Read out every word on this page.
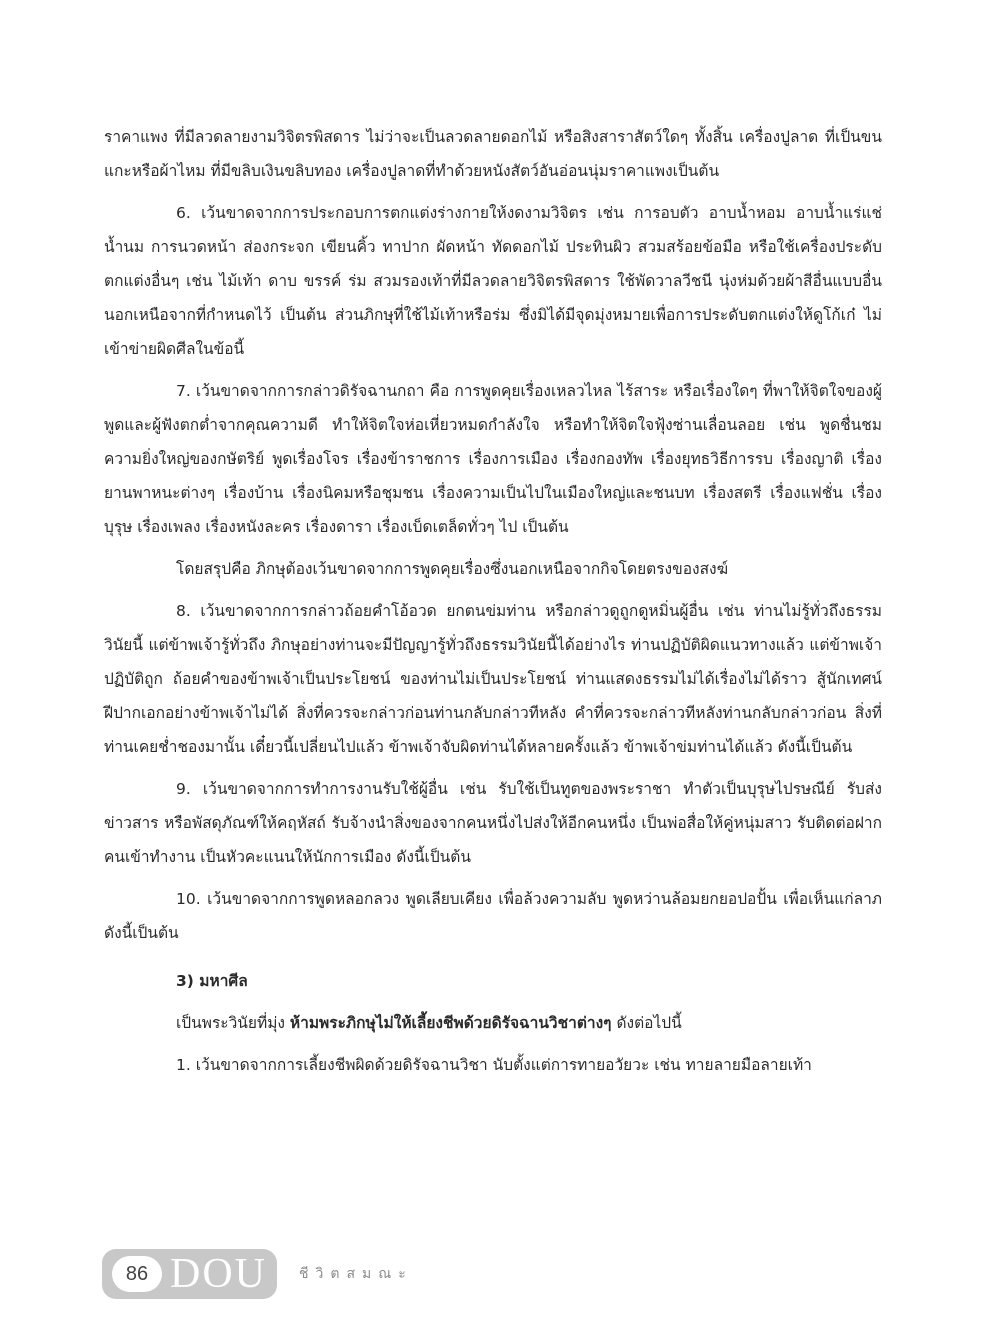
ราคาแพง ที่มีลวดลายงามวิจิตรพิสดาร ไม่ว่าจะเป็นลวดลายดอกไม้ หรือสิงสาราสัตว์ใดๆ ทั้งสิ้น เครื่องปูลาด ที่เป็นขนแกะหรือผ้าไหม ที่มีขลิบเงินขลิบทอง เครื่องปูลาดที่ทำด้วยหนังสัตว์อันอ่อนนุ่มราคาแพงเป็นต้น

6. เว้นขาดจากการประกอบการตกแต่งร่างกายให้งดงามวิจิตร เช่น การอบตัว อาบน้ำหอม อาบน้ำแร่แช่น้ำนม การนวดหน้า ส่องกระจก เขียนคิ้ว ทาปาก ผัดหน้า ทัดดอกไม้ ประทินผิว สวมสร้อยข้อมือ หรือใช้เครื่องประดับตกแต่งอื่นๆ เช่น ไม้เท้า ดาบ ขรรค์ ร่ม สวมรองเท้าที่มีลวดลายวิจิตรพิสดาร ใช้พัดวาลวีชนี นุ่งห่มด้วยผ้าสีอื่นแบบอื่นนอกเหนือจากที่กำหนดไว้ เป็นต้น ส่วนภิกษุที่ใช้ไม้เท้าหรือร่ม ซึ่งมิได้มีจุดมุ่งหมายเพื่อการประดับตกแต่งให้ดูโก้เก๋ ไม่เข้าข่ายผิดศีลในข้อนี้

7. เว้นขาดจากการกล่าวดิรัจฉานกถา คือ การพูดคุยเรื่องเหลวไหล ไร้สาระ หรือเรื่องใดๆ ที่พาให้จิตใจของผู้พูดและผู้ฟังตกต่ำจากคุณความดี ทำให้จิตใจห่อเหี่ยวหมดกำลังใจ หรือทำให้จิตใจฟุ้งซ่านเลื่อนลอย เช่น พูดชื่นชมความยิ่งใหญ่ของกษัตริย์ พูดเรื่องโจร เรื่องข้าราชการ เรื่องการเมือง เรื่องกองทัพ เรื่องยุทธวิธีการรบ เรื่องญาติ เรื่องยานพาหนะต่างๆ เรื่องบ้าน เรื่องนิคมหรือชุมชน เรื่องความเป็นไปในเมืองใหญ่และชนบท เรื่องสตรี เรื่องแฟชั่น เรื่องบุรุษ เรื่องเพลง เรื่องหนังละคร เรื่องดารา เรื่องเบ็ดเตล็ดทั่วๆ ไป เป็นต้น

โดยสรุปคือ ภิกษุต้องเว้นขาดจากการพูดคุยเรื่องซึ่งนอกเหนือจากกิจโดยตรงของสงฆ์

8. เว้นขาดจากการกล่าวถ้อยคำโอ้อวด ยกตนข่มท่าน หรือกล่าวดูถูกดูหมิ่นผู้อื่น เช่น ท่านไม่รู้ทั่วถึงธรรมวินัยนี้ แต่ข้าพเจ้ารู้ทั่วถึง ภิกษุอย่างท่านจะมีปัญญารู้ทั่วถึงธรรมวินัยนี้ได้อย่างไร ท่านปฏิบัติผิดแนวทางแล้ว แต่ข้าพเจ้าปฏิบัติถูก ถ้อยคำของข้าพเจ้าเป็นประโยชน์ ของท่านไม่เป็นประโยชน์ ท่านแสดงธรรมไม่ได้เรื่องไม่ได้ราว สู้นักเทศน์ฝีปากเอกอย่างข้าพเจ้าไม่ได้ สิ่งที่ควรจะกล่าวก่อนท่านกลับกล่าวทีหลัง คำที่ควรจะกล่าวทีหลังท่านกลับกล่าวก่อน สิ่งที่ท่านเคยช่ำชองมานั้น เดี๋ยวนี้เปลี่ยนไปแล้ว ข้าพเจ้าจับผิดท่านได้หลายครั้งแล้ว ข้าพเจ้าข่มท่านได้แล้ว ดังนี้เป็นต้น

9. เว้นขาดจากการทำการงานรับใช้ผู้อื่น เช่น รับใช้เป็นทูตของพระราชา ทำตัวเป็นบุรุษไปรษณีย์ รับส่งข่าวสาร หรือพัสดุภัณฑ์ให้คฤหัสถ์ รับจ้างนำสิ่งของจากคนหนึ่งไปส่งให้อีกคนหนึ่ง เป็นพ่อสื่อให้คู่หนุ่มสาว รับติดต่อฝากคนเข้าทำงาน เป็นหัวคะแนนให้นักการเมือง ดังนี้เป็นต้น

10. เว้นขาดจากการพูดหลอกลวง พูดเลียบเคียง เพื่อล้วงความลับ พูดหว่านล้อมยกยอปอปั้น เพื่อเห็นแก่ลาภ ดังนี้เป็นต้น

3) มหาศีล

เป็นพระวินัยที่มุ่ง ห้ามพระภิกษุไม่ให้เลี้ยงชีพด้วยดิรัจฉานวิชาต่างๆ ดังต่อไปนี้

1. เว้นขาดจากการเลี้ยงชีพผิดด้วยดิรัจฉานวิชา นับตั้งแต่การทายอวัยวะ เช่น ทายลายมือลายเท้า

86 DOU ชีวิตสมณะ
